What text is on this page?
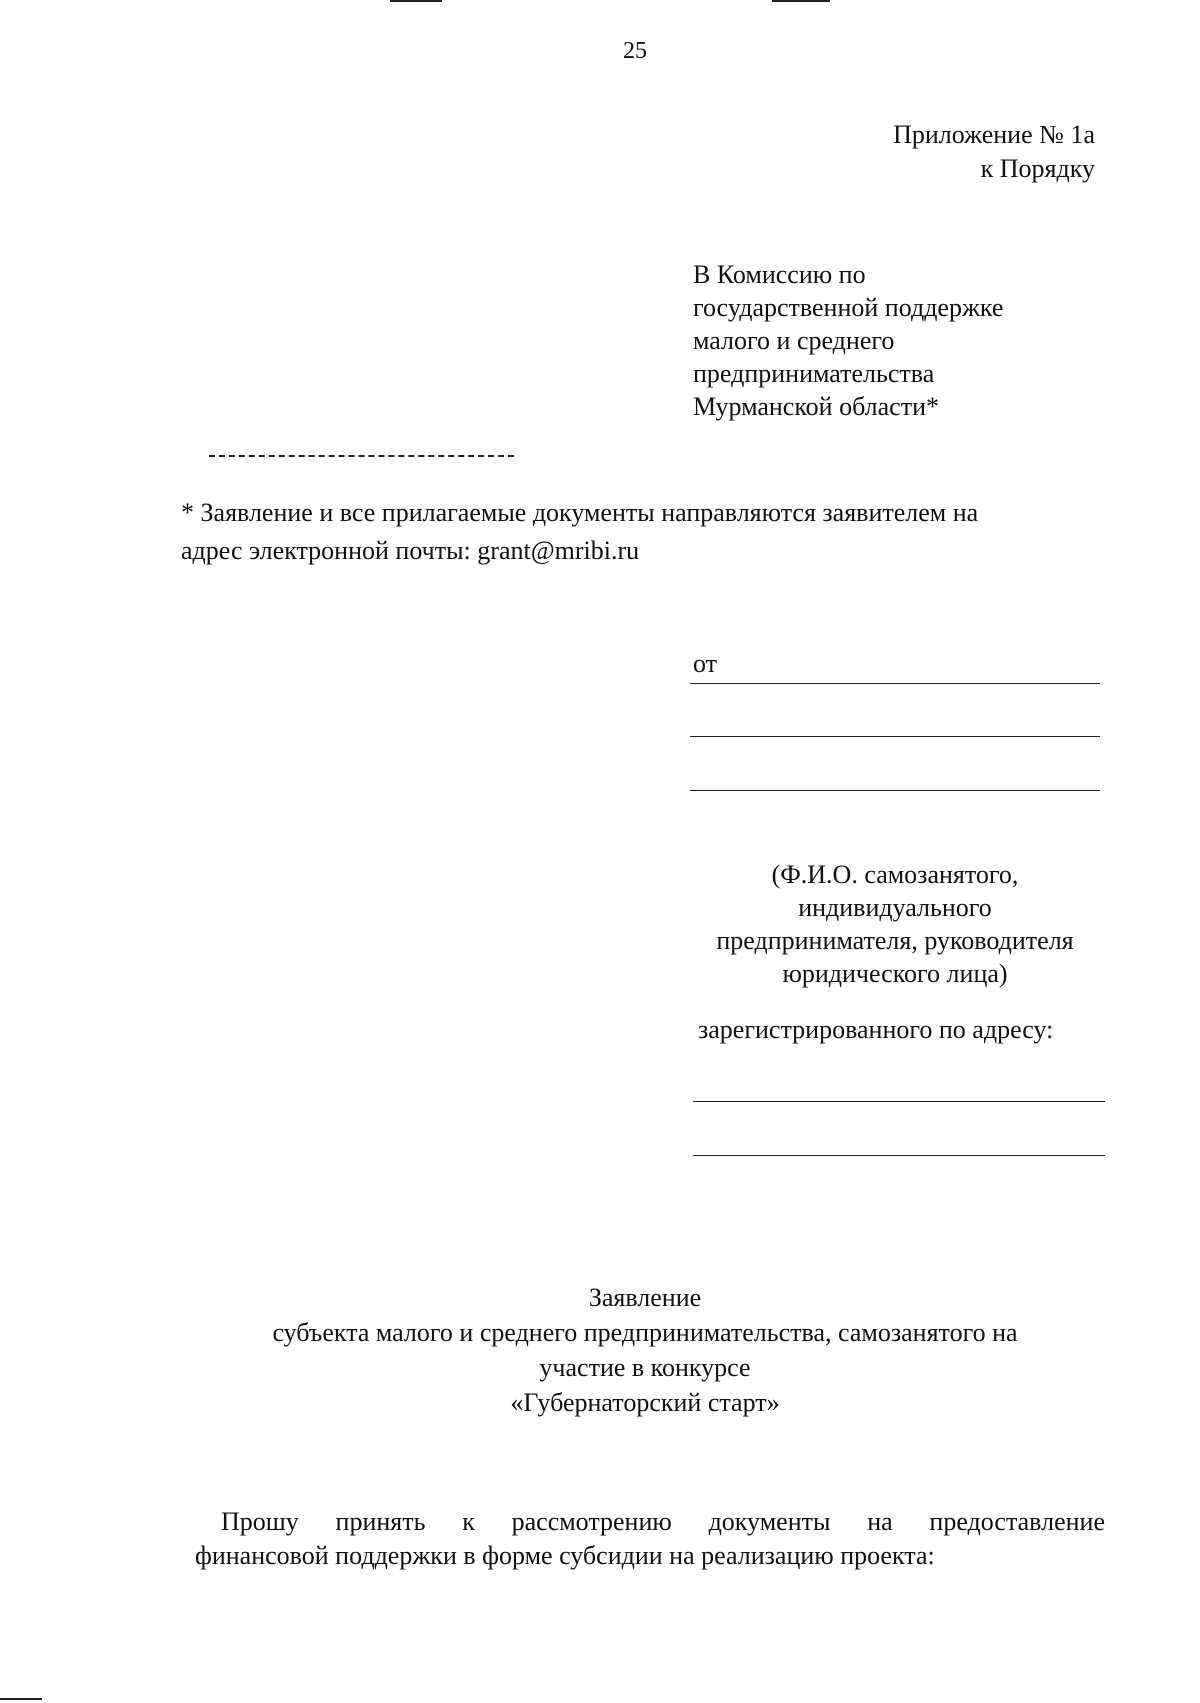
25
Приложение № 1а
к Порядку
В Комиссию по
государственной поддержке
малого и среднего
предпринимательства
Мурманской области*
* Заявление и все прилагаемые документы направляются заявителем на
адрес электронной почты: grant@mribi.ru
от
(Ф.И.О. самозанятого,
индивидуального
предпринимателя, руководителя
юридического лица)
зарегистрированного по адресу:
Заявление
субъекта малого и среднего предпринимательства, самозанятого на
участие в конкурсе
«Губернаторский старт»
Прошу принять к рассмотрению документы на предоставление
финансовой поддержки в форме субсидии на реализацию проекта:
